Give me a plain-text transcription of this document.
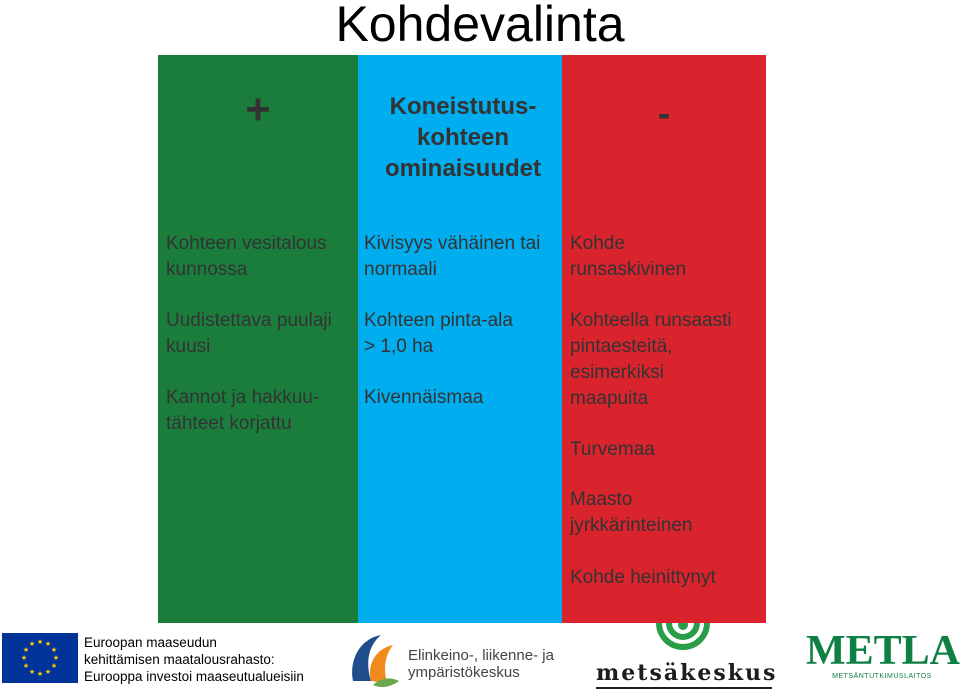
Kohdevalinta
+
Kohteen vesitalous
kunnossa
Uudistettava puulaji
kuusi
Kannot ja hakkuu-
tähteet korjattu
Koneistutus-
kohteen
ominaisuudet
Kivisyys vähäinen tai
normaali
Kohteen pinta-ala
> 1,0 ha
Kivennäismaa
-
Kohde
runsaskivinen
Kohteella runsaasti
pintaesteitä,
esimerkiksi
maapuita
Turvemaa
Maasto
jyrkkärinteinen
Kohde heinittynyt
★ ★
★
★
★
★
★
★
★
★
★
★	Euroopan maaseudun
kehittämisen maatalousrahasto:
Eurooppa investoi maaseutualueisiin
Elinkeino-, liikenne- ja
ympäristökeskus	metsäkeskus METLA
METSÄNTUTKIMUSLAITOS
